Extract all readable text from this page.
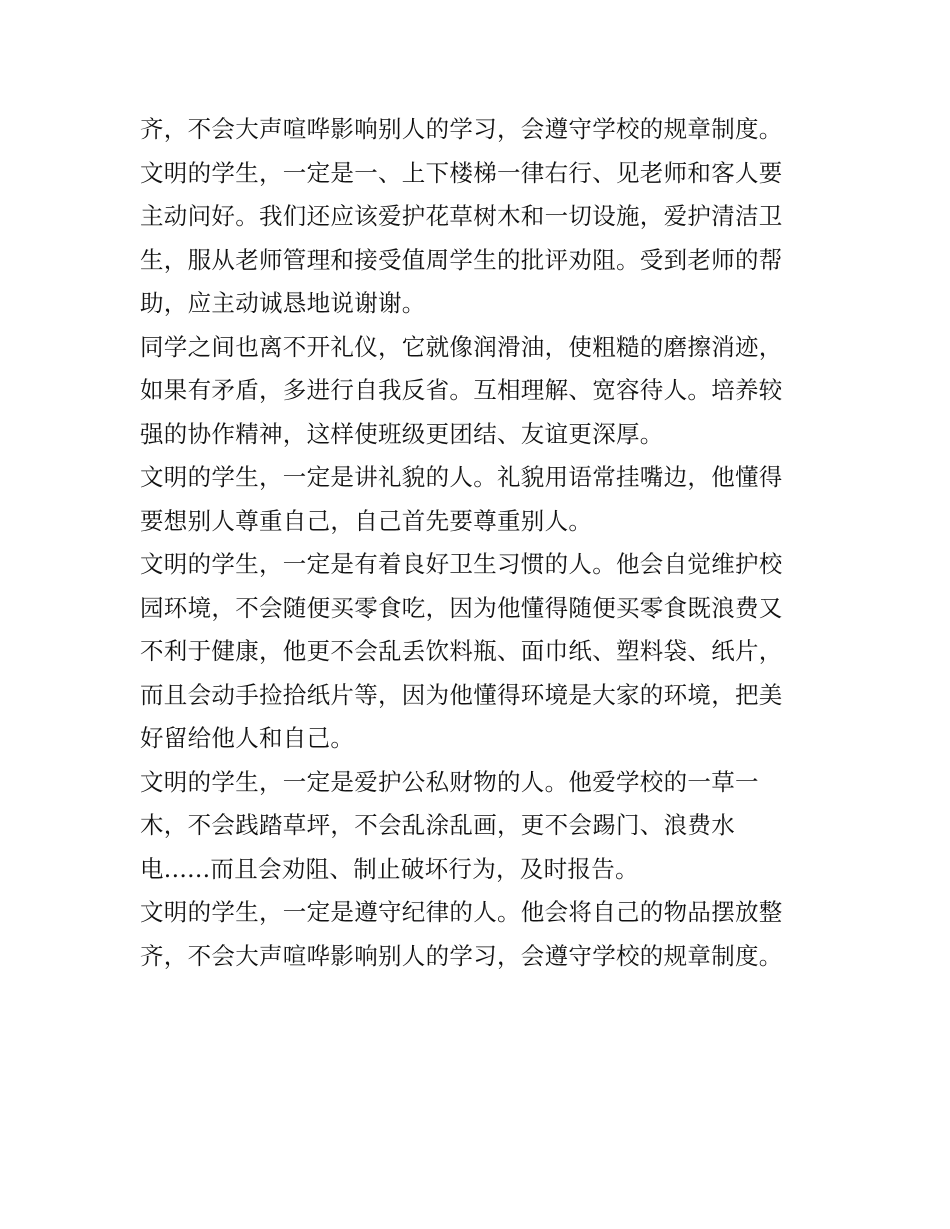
齐，不会大声喧哗影响别人的学习，会遵守学校的规章制度。
文明的学生，一定是一、上下楼梯一律右行、见老师和客人要
主动问好。我们还应该爱护花草树木和一切设施，爱护清洁卫
生，服从老师管理和接受值周学生的批评劝阻。受到老师的帮
助，应主动诚恳地说谢谢。
同学之间也离不开礼仪，它就像润滑油，使粗糙的磨擦消迹，
如果有矛盾，多进行自我反省。互相理解、宽容待人。培养较
强的协作精神，这样使班级更团结、友谊更深厚。
文明的学生，一定是讲礼貌的人。礼貌用语常挂嘴边，他懂得
要想别人尊重自己，自己首先要尊重别人。
文明的学生，一定是有着良好卫生习惯的人。他会自觉维护校
园环境，不会随便买零食吃，因为他懂得随便买零食既浪费又
不利于健康，他更不会乱丢饮料瓶、面巾纸、塑料袋、纸片，
而且会动手捡拾纸片等，因为他懂得环境是大家的环境，把美
好留给他人和自己。
文明的学生，一定是爱护公私财物的人。他爱学校的一草一
木，不会践踏草坪，不会乱涂乱画，更不会踢门、浪费水
电......而且会劝阻、制止破坏行为，及时报告。
文明的学生，一定是遵守纪律的人。他会将自己的物品摆放整
齐，不会大声喧哗影响别人的学习，会遵守学校的规章制度。
